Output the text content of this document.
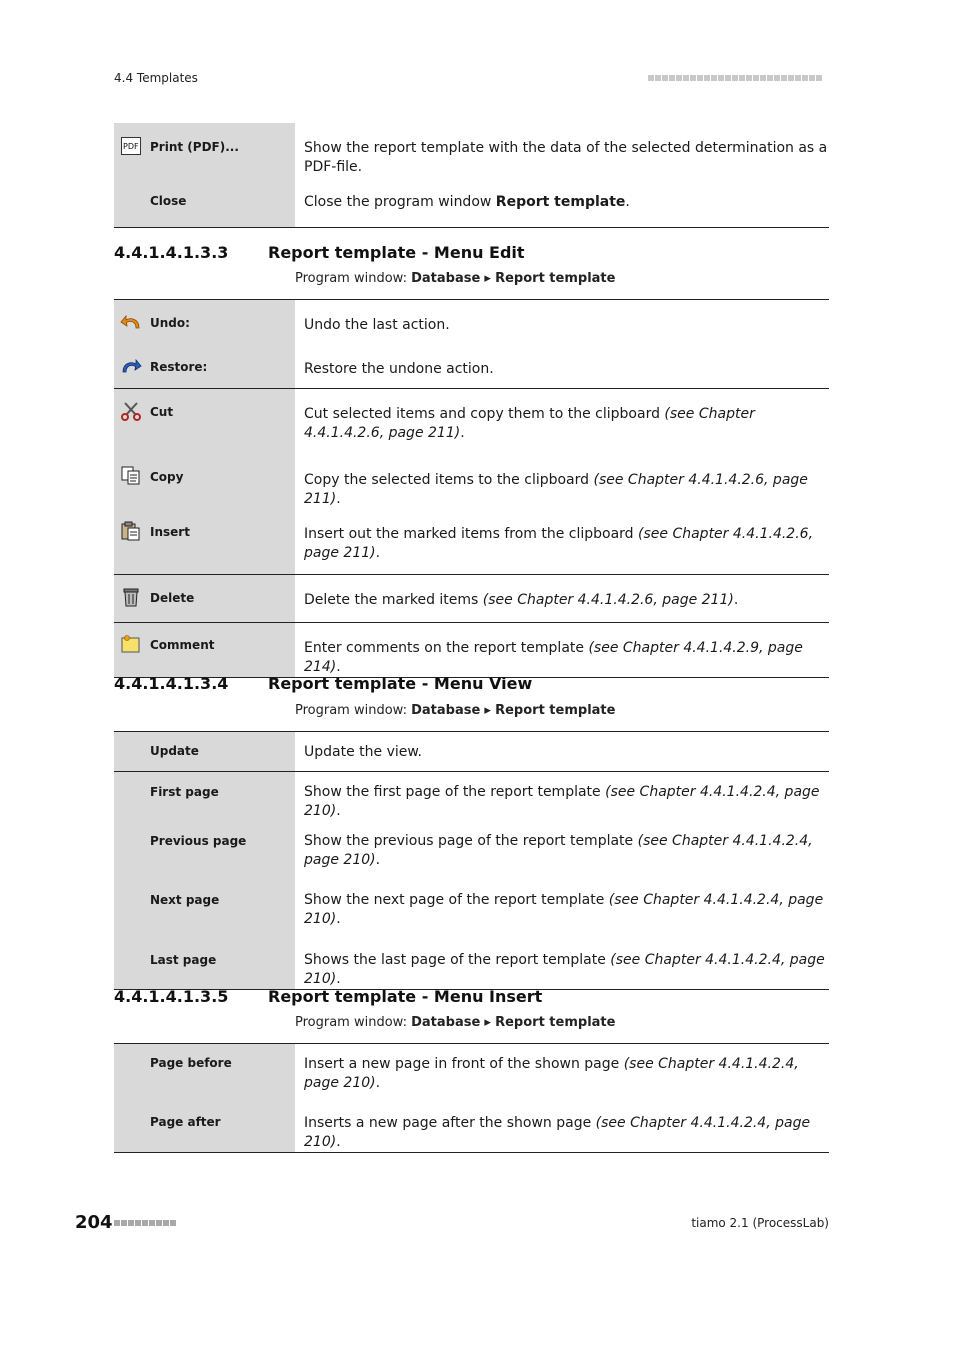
4.4 Templates
PDF Print (PDF)...	Show the report template with the data of the selected determination as a PDF-file.

Close	Close the program window Report template.
4.4.1.4.1.3.3 Report template - Menu Edit
Program window: Database ▸ Report template
Undo:	Undo the last action.

Restore:	Restore the undone action.

Cut	Cut selected items and copy them to the clipboard (see Chapter 4.4.1.4.2.6, page 211).

Copy	Copy the selected items to the clipboard (see Chapter 4.4.1.4.2.6, page 211).

Insert	Insert out the marked items from the clipboard (see Chapter 4.4.1.4.2.6, page 211).

Delete	Delete the marked items (see Chapter 4.4.1.4.2.6, page 211).

Comment	Enter comments on the report template (see Chapter 4.4.1.4.2.9, page 214).
4.4.1.4.1.3.4 Report template - Menu View
Program window: Database ▸ Report template
Update	Update the view.

First page	Show the first page of the report template (see Chapter 4.4.1.4.2.4, page 210).

Previous page	Show the previous page of the report template (see Chapter 4.4.1.4.2.4, page 210).

Next page	Show the next page of the report template (see Chapter 4.4.1.4.2.4, page 210).

Last page	Shows the last page of the report template (see Chapter 4.4.1.4.2.4, page 210).
4.4.1.4.1.3.5 Report template - Menu Insert
Program window: Database ▸ Report template
Page before	Insert a new page in front of the shown page (see Chapter 4.4.1.4.2.4, page 210).

Page after	Inserts a new page after the shown page (see Chapter 4.4.1.4.2.4, page 210).
204	tiamo 2.1 (ProcessLab)
